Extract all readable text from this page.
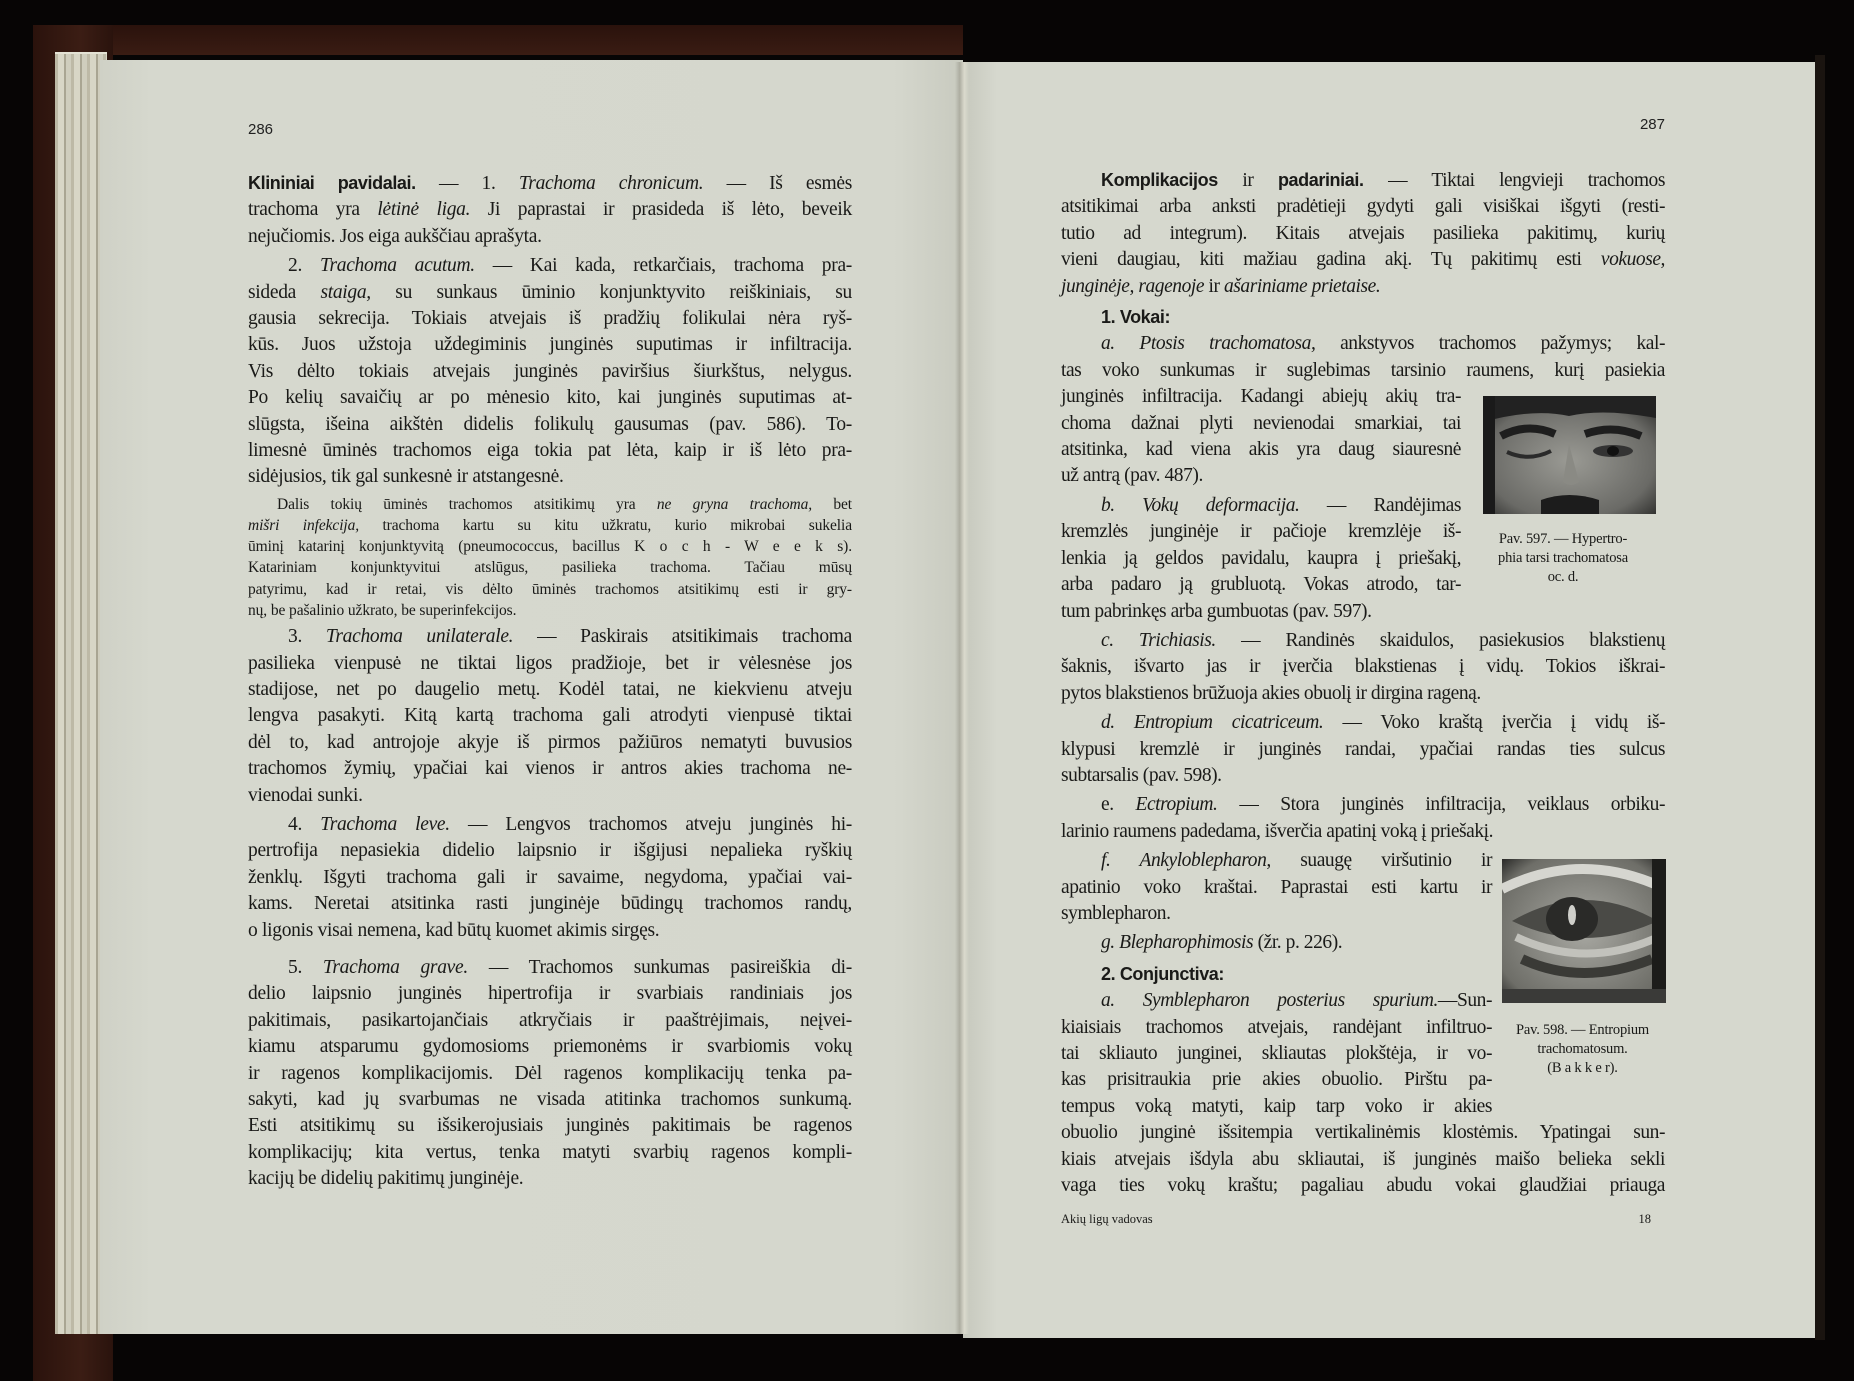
286	287
Klininiai pavidalai. — 1. Trachoma chronicum. — Iš esmės
trachoma yra lėtinė liga. Ji paprastai ir prasideda iš lėto, beveik
nejučiomis. Jos eiga aukščiau aprašyta.
2. Trachoma acutum. — Kai kada, retkarčiais, trachoma pra-
sideda staiga, su sunkaus ūminio konjunktyvito reiškiniais, su
gausia sekrecija. Tokiais atvejais iš pradžių folikulai nėra ryš-
kūs. Juos užstoja uždegiminis junginės suputimas ir infiltracija.
Vis dėlto tokiais atvejais junginės paviršius šiurkštus, nelygus.
Po kelių savaičių ar po mėnesio kito, kai junginės suputimas at-
slūgsta, išeina aikštėn didelis folikulų gausumas (pav. 586). To-
limesnė ūminės trachomos eiga tokia pat lėta, kaip ir iš lėto pra-
sidėjusios, tik gal sunkesnė ir atstangesnė.
Dalis tokių ūminės trachomos atsitikimų yra ne gryna trachoma, bet
mišri infekcija, trachoma kartu su kitu užkratu, kurio mikrobai sukelia
ūminį katarinį konjunktyvitą (pneumococcus, bacillus K o c h - W e e k s).
Katariniam konjunktyvitui atslūgus, pasilieka trachoma. Tačiau mūsų
patyrimu, kad ir retai, vis dėlto ūminės trachomos atsitikimų esti ir gry-
nų, be pašalinio užkrato, be superinfekcijos.
3. Trachoma unilaterale. — Paskirais atsitikimais trachoma
pasilieka vienpusė ne tiktai ligos pradžioje, bet ir vėlesnėse jos
stadijose, net po daugelio metų. Kodėl tatai, ne kiekvienu atveju
lengva pasakyti. Kitą kartą trachoma gali atrodyti vienpusė tiktai
dėl to, kad antrojoje akyje iš pirmos pažiūros nematyti buvusios
trachomos žymių, ypačiai kai vienos ir antros akies trachoma ne-
vienodai sunki.
4. Trachoma leve. — Lengvos trachomos atveju junginės hi-
pertrofija nepasiekia didelio laipsnio ir išgijusi nepalieka ryškių
ženklų. Išgyti trachoma gali ir savaime, negydoma, ypačiai vai-
kams. Neretai atsitinka rasti junginėje būdingų trachomos randų,
o ligonis visai nemena, kad būtų kuomet akimis sirgęs.
5. Trachoma grave. — Trachomos sunkumas pasireiškia di-
delio laipsnio junginės hipertrofija ir svarbiais randiniais jos
pakitimais, pasikartojančiais atkryčiais ir paaštrėjimais, neįvei-
kiamu atsparumu gydomosioms priemonėms ir svarbiomis vokų
ir ragenos komplikacijomis. Dėl ragenos komplikacijų tenka pa-
sakyti, kad jų svarbumas ne visada atitinka trachomos sunkumą.
Esti atsitikimų su išsikerojusiais junginės pakitimais be ragenos
komplikacijų; kita vertus, tenka matyti svarbių ragenos kompli-
kacijų be didelių pakitimų junginėje.
Komplikacijos ir padariniai. — Tiktai lengvieji trachomos
atsitikimai arba anksti pradėtieji gydyti gali visiškai išgyti (resti-
tutio ad integrum). Kitais atvejais pasilieka pakitimų, kurių
vieni daugiau, kiti mažiau gadina akį. Tų pakitimų esti vokuose,
junginėje, ragenoje ir ašariniame prietaise.
1. Vokai:
a. Ptosis trachomatosa, ankstyvos trachomos pažymys; kal-
tas voko sunkumas ir suglebimas tarsinio raumens, kurį pasiekia
Pav. 597. — Hypertro-
phia tarsi trachomatosa
oc. d.
junginės infiltracija. Kadangi abiejų akių tra-
choma dažnai plyti nevienodai smarkiai, tai
atsitinka, kad viena akis yra daug siauresnė
už antrą (pav. 487).
b. Vokų deformacija. — Randėjimas
kremzlės junginėje ir pačioje kremzlėje iš-
lenkia ją geldos pavidalu, kaupra į priešakį,
arba padaro ją grubluotą. Vokas atrodo, tar-
tum pabrinkęs arba gumbuotas (pav. 597).
c. Trichiasis. — Randinės skaidulos, pasiekusios blakstienų
šaknis, išvarto jas ir įverčia blakstienas į vidų. Tokios iškrai-
pytos blakstienos brūžuoja akies obuolį ir dirgina rageną.
d. Entropium cicatriceum. — Voko kraštą įverčia į vidų iš-
klypusi kremzlė ir junginės randai, ypačiai randas ties sulcus
subtarsalis (pav. 598).
e. Ectropium. — Stora junginės infiltracija, veiklaus orbiku-
larinio raumens padedama, išverčia apatinį voką į priešakį.
Pav. 598. — Entropium
trachomatosum.
(B a k k e r).
f. Ankyloblepharon, suaugę viršutinio ir
apatinio voko kraštai. Paprastai esti kartu ir
symblepharon.
g. Blepharophimosis (žr. p. 226).
2. Conjunctiva:
a. Symblepharon posterius spurium.—Sun-
kiaisiais trachomos atvejais, randėjant infiltruo-
tai skliauto junginei, skliautas plokštėja, ir vo-
kas prisitraukia prie akies obuolio. Pirštu pa-
tempus voką matyti, kaip tarp voko ir akies
obuolio junginė išsitempia vertikalinėmis klostėmis. Ypatingai sun-
kiais atvejais išdyla abu skliautai, iš junginės maišo belieka sekli
vaga ties vokų kraštu; pagaliau abudu vokai glaudžiai priauga
Akių ligų vadovas	18
